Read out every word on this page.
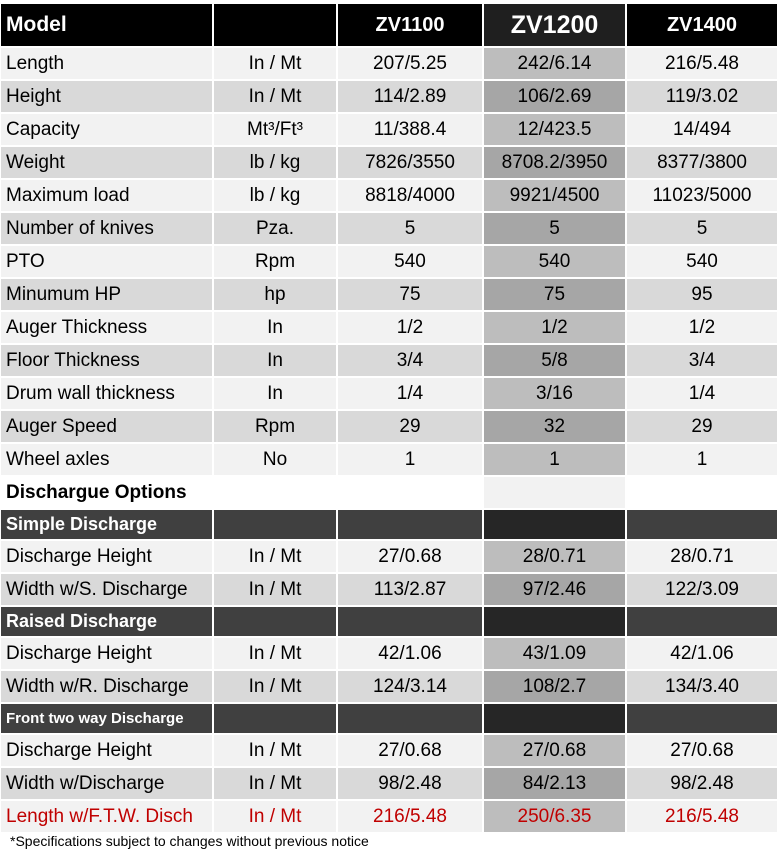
Model		ZV1100	ZV1200	ZV1400
Length	In / Mt	207/5.25	242/6.14	216/5.48
Height	In / Mt	114/2.89	106/2.69	119/3.02
Capacity	Mt³/Ft³	11/388.4	12/423.5	14/494
Weight	lb / kg	7826/3550	8708.2/3950	8377/3800
Maximum load	lb / kg	8818/4000	9921/4500	11023/5000
Number of knives	Pza.	5	5	5
PTO	Rpm	540	540	540
Minumum HP	hp	75	75	95
Auger Thickness	In	1/2	1/2	1/2
Floor Thickness	In	3/4	5/8	3/4
Drum wall thickness	In	1/4	3/16	1/4
Auger Speed	Rpm	29	32	29
Wheel axles	No	1	1	1
Dischargue Options				
Simple Discharge				
Discharge Height	In / Mt	27/0.68	28/0.71	28/0.71
Width w/S. Discharge	In / Mt	113/2.87	97/2.46	122/3.09
Raised Discharge				
Discharge Height	In / Mt	42/1.06	43/1.09	42/1.06
Width w/R. Discharge	In / Mt	124/3.14	108/2.7	134/3.40
Front two way Discharge				
Discharge Height	In / Mt	27/0.68	27/0.68	27/0.68
Width w/Discharge	In / Mt	98/2.48	84/2.13	98/2.48
Length w/F.T.W. Disch	In / Mt	216/5.48	250/6.35	216/5.48
*Specifications subject to changes without previous notice
